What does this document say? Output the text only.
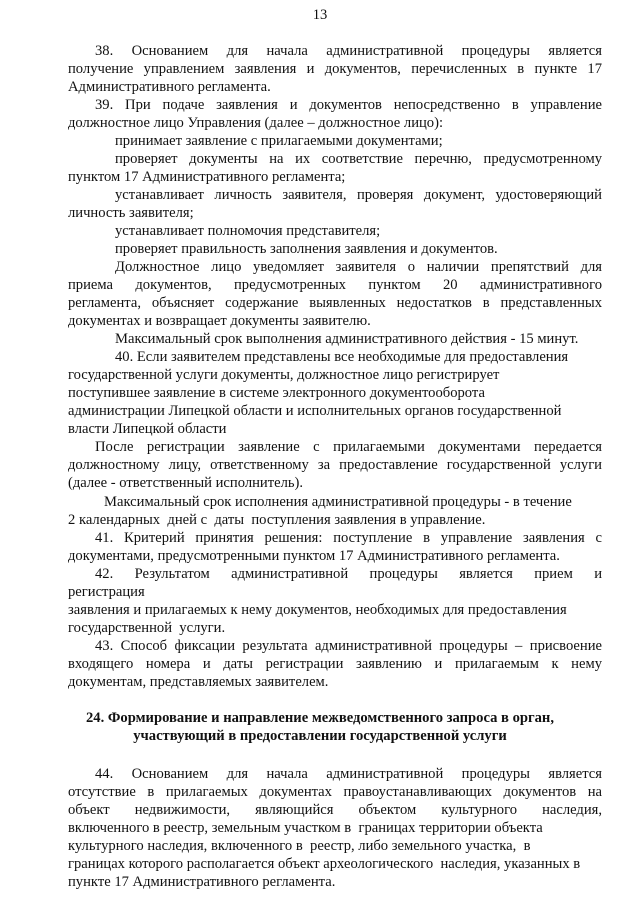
13
38. Основанием для начала административной процедуры является
получение управлением заявления и документов, перечисленных в пункте 17
Административного регламента.
39. При подаче заявления и документов непосредственно в управление
должностное лицо Управления (далее – должностное лицо):
принимает заявление с прилагаемыми документами;
проверяет документы на их соответствие перечню, предусмотренному
пунктом 17 Административного регламента;
устанавливает личность заявителя, проверяя документ, удостоверяющий
личность заявителя;
устанавливает полномочия представителя;
проверяет правильность заполнения заявления и документов.
Должностное лицо уведомляет заявителя о наличии препятствий для
приема документов, предусмотренных пунктом 20 административного
регламента, объясняет содержание выявленных недостатков в представленных
документах и возвращает документы заявителю.
Максимальный срок выполнения административного действия - 15 минут.
40. Если заявителем представлены все необходимые для предоставления
государственной услуги документы, должностное лицо регистрирует
поступившее заявление в системе электронного документооборота
администрации Липецкой области и исполнительных органов государственной
власти Липецкой области
После регистрации заявление с прилагаемыми документами передается
должностному лицу, ответственному за предоставление государственной услуги
(далее - ответственный исполнитель).
Максимальный срок исполнения административной процедуры - в течение
2 календарных  дней с  даты  поступления заявления в управление.
41. Критерий принятия решения: поступление в управление заявления с
документами, предусмотренными пунктом 17 Административного регламента.
42. Результатом административной процедуры является прием и
регистрация
заявления и прилагаемых к нему документов, необходимых для предоставления
государственной  услуги.
43. Способ фиксации результата административной процедуры – присвоение
входящего номера и даты регистрации заявлению и прилагаемым к нему
документам, представляемых заявителем.
24. Формирование и направление межведомственного запроса в орган,
участвующий в предоставлении государственной услуги
44. Основанием для начала административной процедуры является
отсутствие в прилагаемых документах правоустанавливающих документов на
объект недвижимости, являющийся объектом культурного наследия,
включенного в реестр, земельным участком в  границах территории объекта
культурного наследия, включенного в  реестр, либо земельного участка,  в
границах которого располагается объект археологического  наследия, указанных в
пункте 17 Административного регламента.
